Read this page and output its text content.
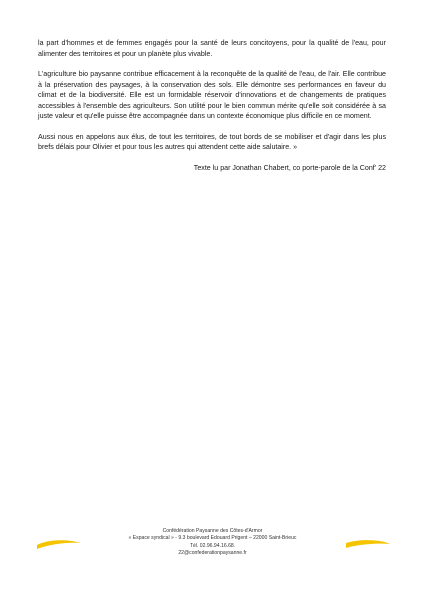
la part d'hommes et de femmes engagés pour la santé de leurs concitoyens, pour la qualité de l'eau, pour alimenter des territoires et pour un planète plus vivable.

L'agriculture bio paysanne contribue efficacement à la reconquête de la qualité de l'eau, de l'air. Elle contribue à la préservation des paysages, à la conservation des sols. Elle démontre ses performances en faveur du climat et de la biodiversité. Elle est un formidable réservoir d'innovations et de changements de pratiques accessibles à l'ensemble des agriculteurs. Son utilité pour le bien commun mérite qu'elle soit considérée à sa juste valeur et qu'elle puisse être accompagnée dans un contexte économique plus difficile en ce moment.

Aussi nous en appelons aux élus, de tout les territoires, de tout bords de se mobiliser et d'agir dans les plus brefs délais pour Olivier et pour tous les autres qui attendent cette aide salutaire. »

Texte lu par Jonathan Chabert, co porte-parole de la Conf' 22

Confédération Paysanne des Côtes-d'Armor
« Espace syndical » - 9.3 boulevard Edouard Prigent – 22000 Saint-Brieuc
Tél. 02.96.94.16.68.
22@confederationpaysanne.fr
